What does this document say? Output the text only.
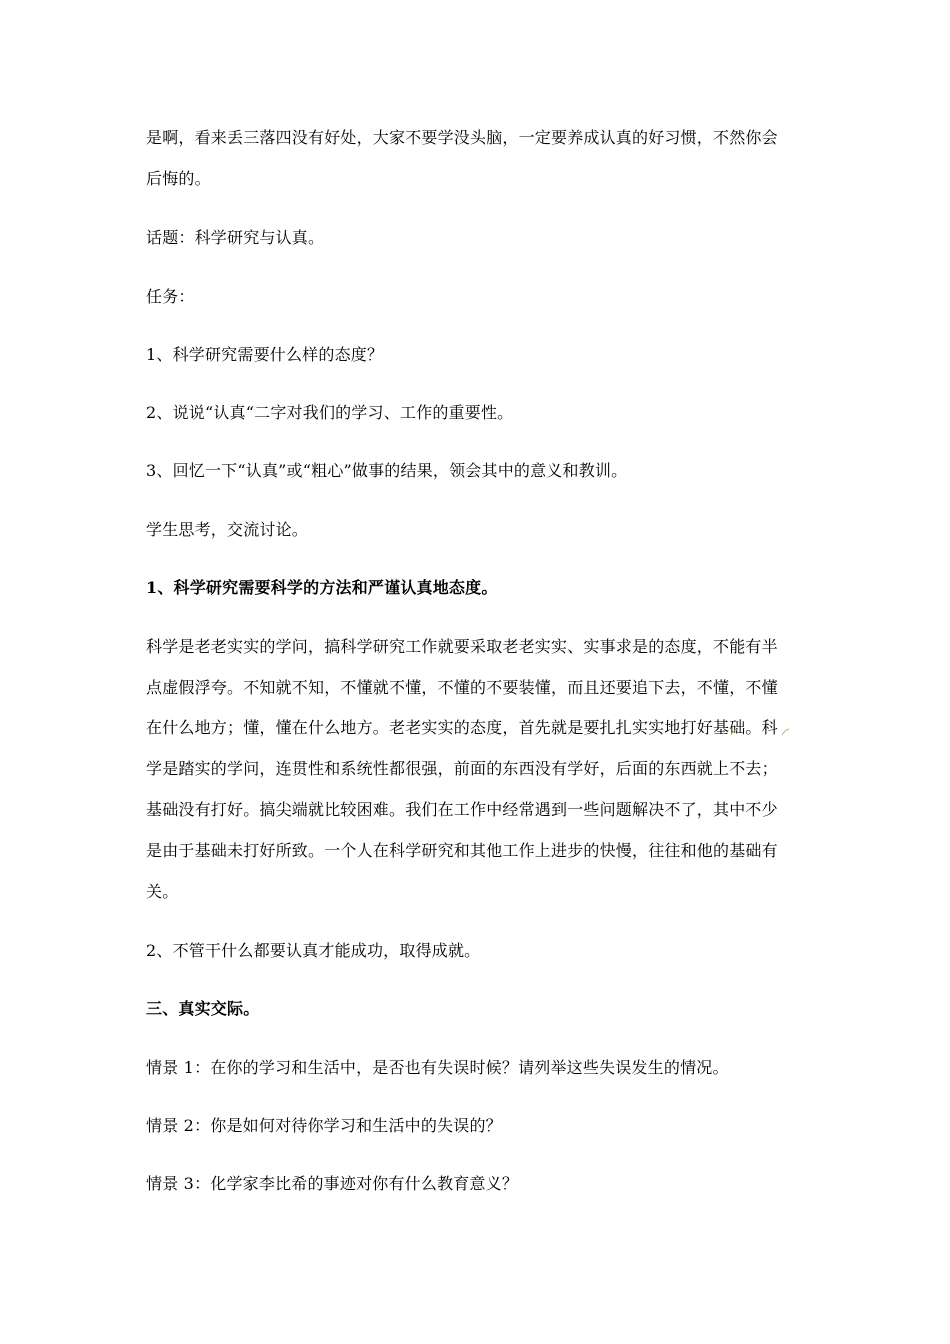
是啊，看来丢三落四没有好处，大家不要学没头脑，一定要养成认真的好习惯，不然你会
后悔的。
话题：科学研究与认真。
任务：
1、科学研究需要什么样的态度？
2、说说“认真“二字对我们的学习、工作的重要性。
3、回忆一下“认真”或“粗心”做事的结果，领会其中的意义和教训。
学生思考，交流讨论。
1、科学研究需要科学的方法和严谨认真地态度。
科学是老老实实的学问，搞科学研究工作就要采取老老实实、实事求是的态度，不能有半
点虚假浮夸。不知就不知，不懂就不懂，不懂的不要装懂，而且还要追下去，不懂，不懂
在什么地方；懂，懂在什么地方。老老实实的态度，首先就是要扎扎实实地打好基础。科
学是踏实的学问，连贯性和系统性都很强，前面的东西没有学好，后面的东西就上不去；
基础没有打好。搞尖端就比较困难。我们在工作中经常遇到一些问题解决不了，其中不少
是由于基础未打好所致。一个人在科学研究和其他工作上进步的快慢，往往和他的基础有
关。
2、不管干什么都要认真才能成功，取得成就。
三、真实交际。
情景 1：在你的学习和生活中，是否也有失误时候？请列举这些失误发生的情况。
情景 2：你是如何对待你学习和生活中的失误的？
情景 3：化学家李比希的事迹对你有什么教育意义？
